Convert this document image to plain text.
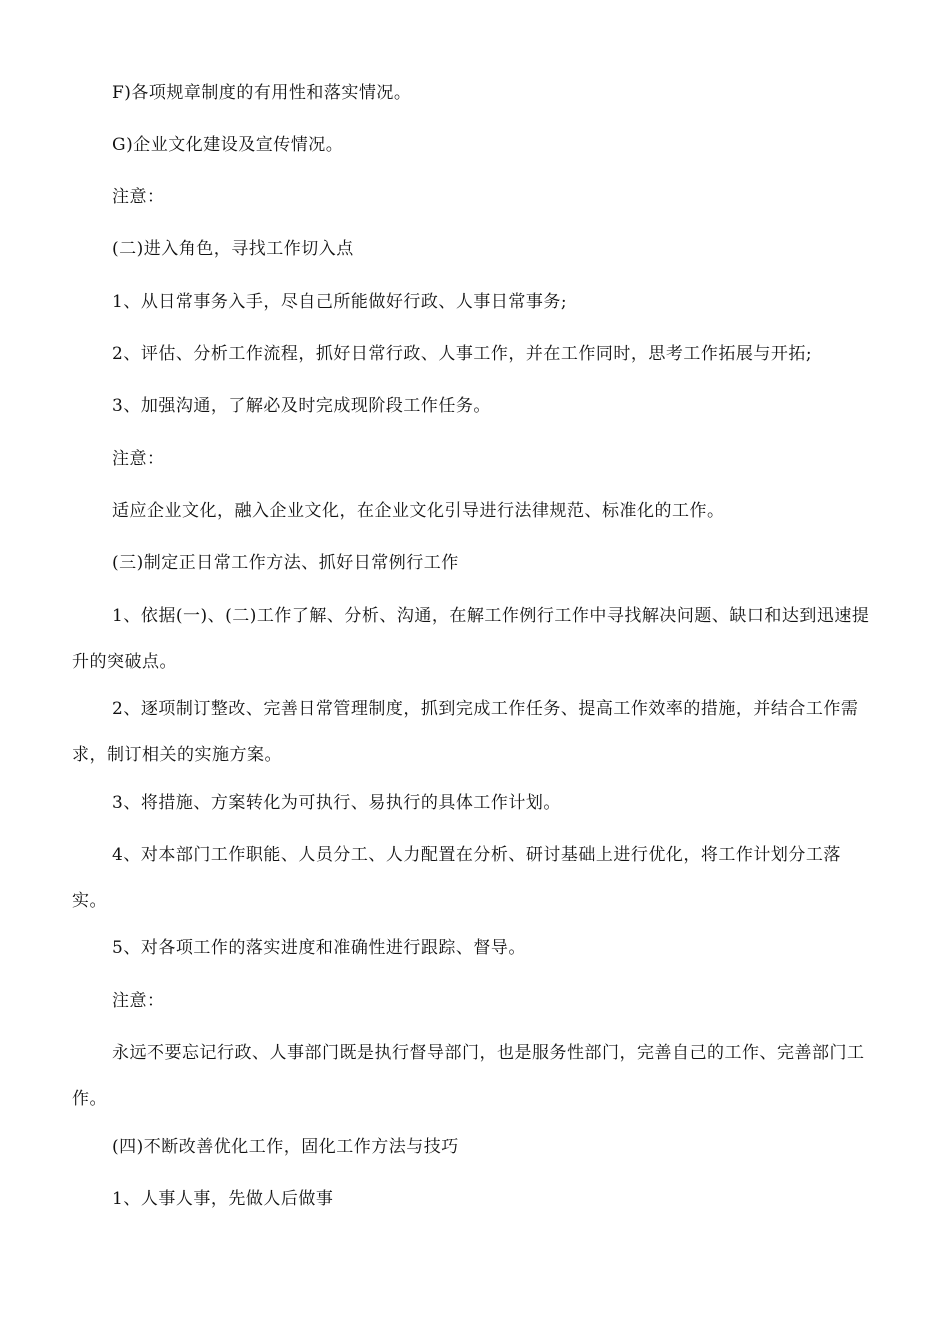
F)各项规章制度的有用性和落实情况。

G)企业文化建设及宣传情况。

注意：

(二)进入角色，寻找工作切入点

1、从日常事务入手，尽自己所能做好行政、人事日常事务;

2、评估、分析工作流程，抓好日常行政、人事工作，并在工作同时，思考工作拓展与开拓;

3、加强沟通，了解必及时完成现阶段工作任务。

注意：

适应企业文化，融入企业文化，在企业文化引导进行法律规范、标准化的工作。

(三)制定正日常工作方法、抓好日常例行工作

1、依据(一)、(二)工作了解、分析、沟通，在解工作例行工作中寻找解决问题、缺口和达到迅速提升的突破点。

2、逐项制订整改、完善日常管理制度，抓到完成工作任务、提高工作效率的措施，并结合工作需求，制订相关的实施方案。

3、将措施、方案转化为可执行、易执行的具体工作计划。

4、对本部门工作职能、人员分工、人力配置在分析、研讨基础上进行优化，将工作计划分工落实。

5、对各项工作的落实进度和准确性进行跟踪、督导。

注意：

永远不要忘记行政、人事部门既是执行督导部门，也是服务性部门，完善自己的工作、完善部门工作。

(四)不断改善优化工作，固化工作方法与技巧

1、人事人事，先做人后做事
